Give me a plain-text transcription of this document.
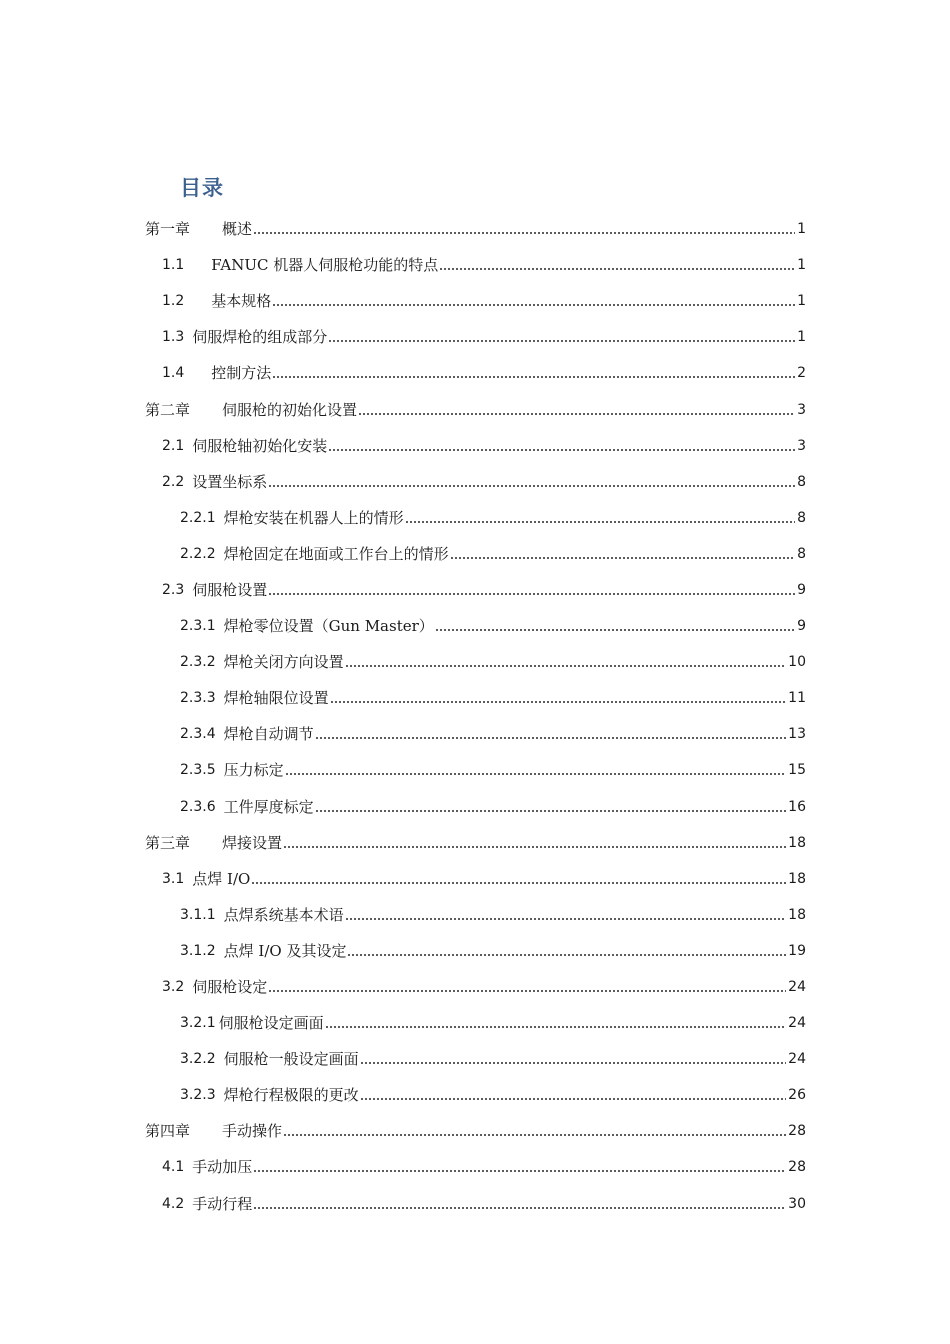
目录
第一章 概述	1
1.1 FANUC 机器人伺服枪功能的特点	1
1.2 基本规格	1
1.3 伺服焊枪的组成部分	1
1.4 控制方法	2
第二章 伺服枪的初始化设置	3
2.1 伺服枪轴初始化安装	3
2.2 设置坐标系	8
2.2.1 焊枪安装在机器人上的情形	8
2.2.2 焊枪固定在地面或工作台上的情形	8
2.3 伺服枪设置	9
2.3.1 焊枪零位设置（Gun Master）	9
2.3.2 焊枪关闭方向设置	10
2.3.3 焊枪轴限位设置	11
2.3.4 焊枪自动调节	13
2.3.5 压力标定	15
2.3.6 工件厚度标定	16
第三章 焊接设置	18
3.1 点焊 I/O	18
3.1.1 点焊系统基本术语	18
3.1.2 点焊 I/O 及其设定	19
3.2 伺服枪设定	24
3.2.1 伺服枪设定画面	24
3.2.2 伺服枪一般设定画面	24
3.2.3 焊枪行程极限的更改	26
第四章 手动操作	28
4.1 手动加压	28
4.2 手动行程	30
